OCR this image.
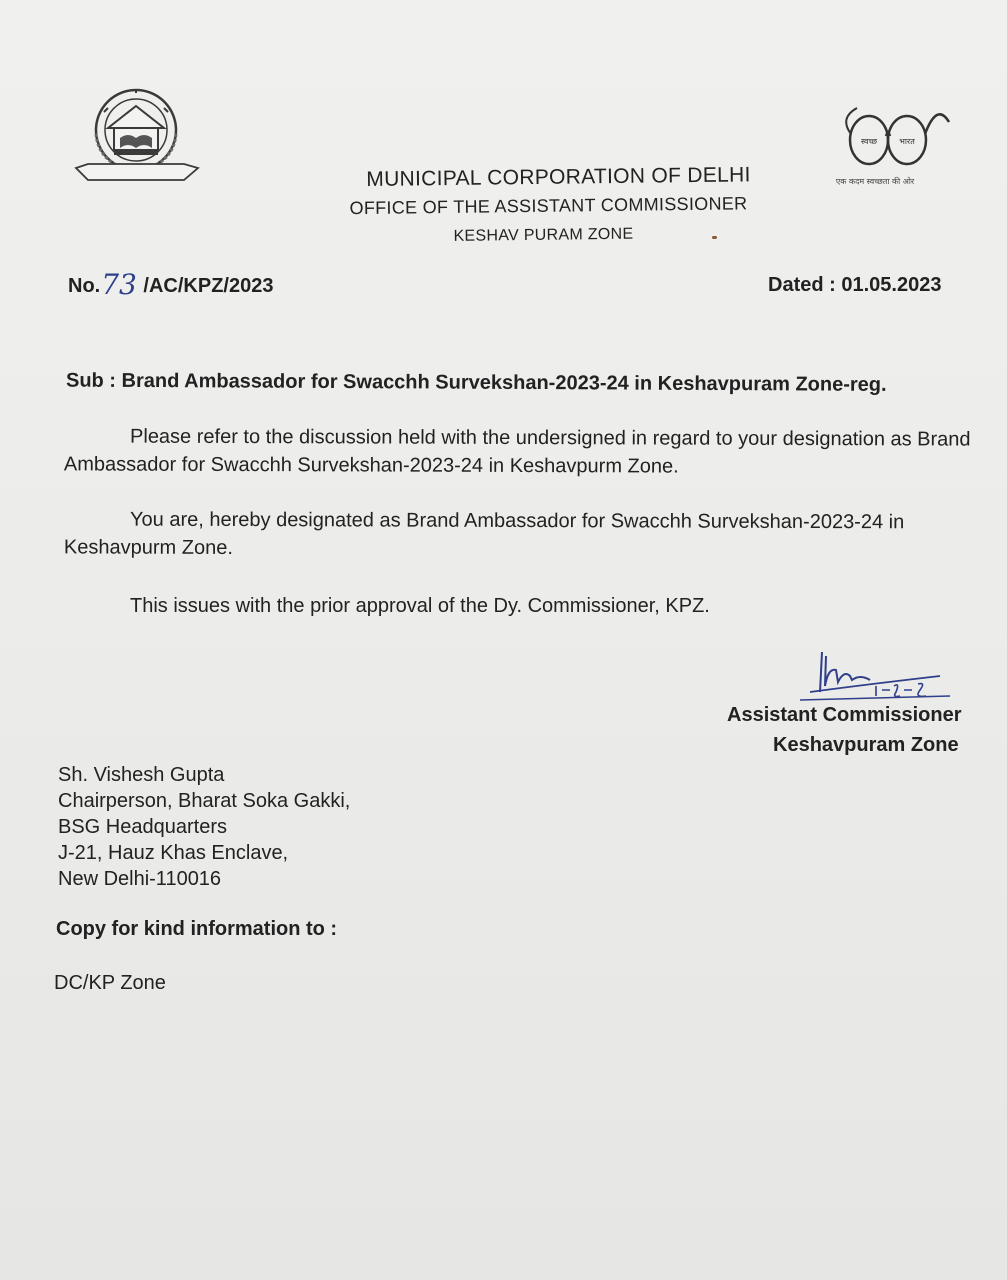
स्वच्छ	भारत
एक कदम स्वच्छता की ओर
MUNICIPAL CORPORATION OF DELHI
OFFICE OF THE ASSISTANT COMMISSIONER
KESHAV PURAM ZONE
No.73 /AC/KPZ/2023	Dated : 01.05.2023
Sub : Brand Ambassador for Swacchh Survekshan-2023-24 in Keshavpuram Zone-reg.
Please refer to the discussion held with the undersigned in regard to your designation as Brand Ambassador for Swacchh Survekshan-2023-24 in Keshavpurm Zone.
You are, hereby designated as Brand Ambassador for Swacchh Survekshan-2023-24 in Keshavpurm Zone.
This issues with the prior approval of the Dy. Commissioner, KPZ.
Assistant Commissioner
Keshavpuram Zone
Sh. Vishesh Gupta
Chairperson, Bharat Soka Gakki,
BSG Headquarters
J-21, Hauz Khas Enclave,
New Delhi-110016
Copy for kind information to :
DC/KP Zone
